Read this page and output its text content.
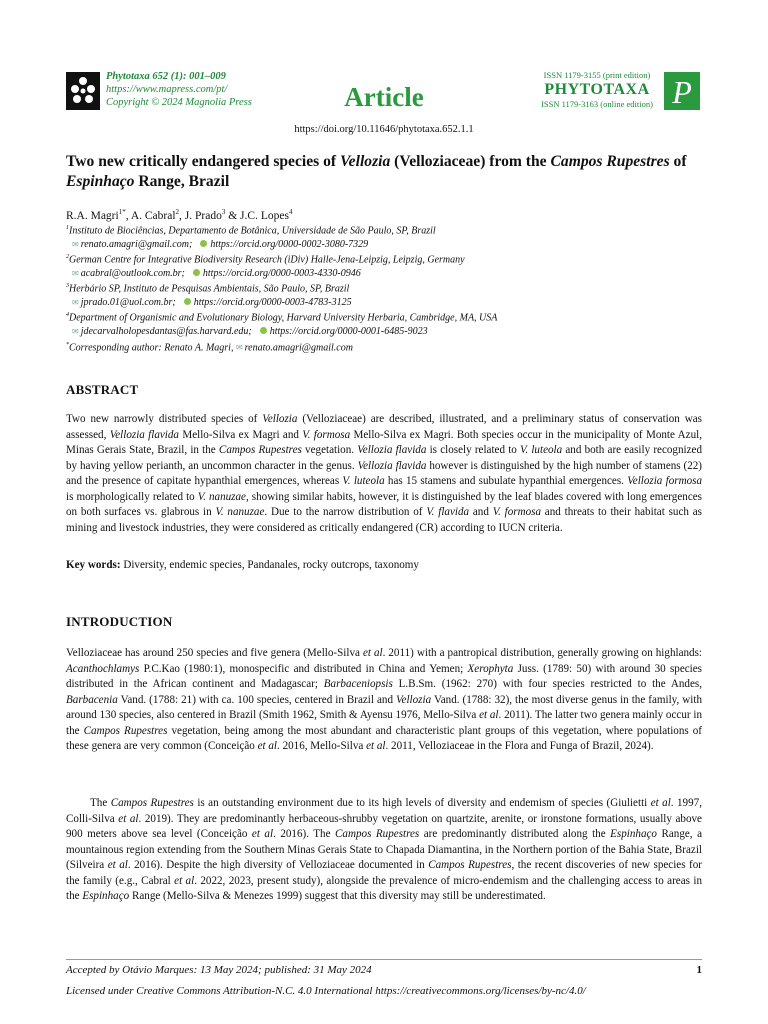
Phytotaxa 652 (1): 001–009
https://www.mapress.com/pt/
Copyright © 2024 Magnolia Press	Article
ISSN 1179-3155 (print edition)
PHYTOTAXA
ISSN 1179-3163 (online edition) P
https://doi.org/10.11646/phytotaxa.652.1.1
Two new critically endangered species of Vellozia (Velloziaceae) from the Campos Rupestres of Espinhaço Range, Brazil
R.A. Magri$^{1*}$, A. Cabral$^2$, J. Prado$^3$ & J.C. Lopes$^4$
$^1$Instituto de Biociências, Departamento de Botânica, Universidade de São Paulo, SP, Brazil
✉ renato.amagri@gmail.com; https://orcid.org/0000-0002-3080-7329
$^2$German Centre for Integrative Biodiversity Research (iDiv) Halle-Jena-Leipzig, Leipzig, Germany
✉ acabral@outlook.com.br; https://orcid.org/0000-0003-4330-0946
$^3$Herbário SP, Instituto de Pesquisas Ambientais, São Paulo, SP, Brazil
✉ jprado.01@uol.com.br; https://orcid.org/0000-0003-4783-3125
$^4$Department of Organismic and Evolutionary Biology, Harvard University Herbaria, Cambridge, MA, USA
✉ jdecarvalholopesdantas@fas.harvard.edu; https://orcid.org/0000-0001-6485-9023
*Corresponding author: Renato A. Magri, ✉ renato.amagri@gmail.com
ABSTRACT

Two new narrowly distributed species of Vellozia (Velloziaceae) are described, illustrated, and a preliminary status of conservation was assessed, Vellozia flavida Mello-Silva ex Magri and V. formosa Mello-Silva ex Magri. Both species occur in the municipality of Monte Azul, Minas Gerais State, Brazil, in the Campos Rupestres vegetation. Vellozia flavida is closely related to V. luteola and both are easily recognized by having yellow perianth, an uncommon character in the genus. Vellozia flavida however is distinguished by the high number of stamens (22) and the presence of capitate hypanthial emergences, whereas V. luteola has 15 stamens and subulate hypanthial emergences. Vellozia formosa is morphologically related to V. nanuzae, showing similar habits, however, it is distinguished by the leaf blades covered with long emergences on both surfaces vs. glabrous in V. nanuzae. Due to the narrow distribution of V. flavida and V. formosa and threats to their habitat such as mining and livestock industries, they were considered as critically endangered (CR) according to IUCN criteria.

Key words: Diversity, endemic species, Pandanales, rocky outcrops, taxonomy
INTRODUCTION

Velloziaceae has around 250 species and five genera (Mello-Silva et al. 2011) with a pantropical distribution, generally growing on highlands: Acanthochlamys P.C.Kao (1980:1), monospecific and distributed in China and Yemen; Xerophyta Juss. (1789: 50) with around 30 species distributed in the African continent and Madagascar; Barbaceniopsis L.B.Sm. (1962: 270) with four species restricted to the Andes, Barbacenia Vand. (1788: 21) with ca. 100 species, centered in Brazil and Vellozia Vand. (1788: 32), the most diverse genus in the family, with around 130 species, also centered in Brazil (Smith 1962, Smith & Ayensu 1976, Mello-Silva et al. 2011). The latter two genera mainly occur in the Campos Rupestres vegetation, being among the most abundant and characteristic plant groups of this vegetation, where populations of these genera are very common (Conceição et al. 2016, Mello-Silva et al. 2011, Velloziaceae in the Flora and Funga of Brazil, 2024).

The Campos Rupestres is an outstanding environment due to its high levels of diversity and endemism of species (Giulietti et al. 1997, Colli-Silva et al. 2019). They are predominantly herbaceous-shrubby vegetation on quartzite, arenite, or ironstone formations, usually above 900 meters above sea level (Conceição et al. 2016). The Campos Rupestres are predominantly distributed along the Espinhaço Range, a mountainous region extending from the Southern Minas Gerais State to Chapada Diamantina, in the Northern portion of the Bahia State, Brazil (Silveira et al. 2016). Despite the high diversity of Velloziaceae documented in Campos Rupestres, the recent discoveries of new species for the family (e.g., Cabral et al. 2022, 2023, present study), alongside the prevalence of micro-endemism and the challenging access to areas in the Espinhaço Range (Mello-Silva & Menezes 1999) suggest that this diversity may still be underestimated.

Accepted by Otávio Marques: 13 May 2024; published: 31 May 2024	1
Licensed under Creative Commons Attribution-N.C. 4.0 International https://creativecommons.org/licenses/by-nc/4.0/
